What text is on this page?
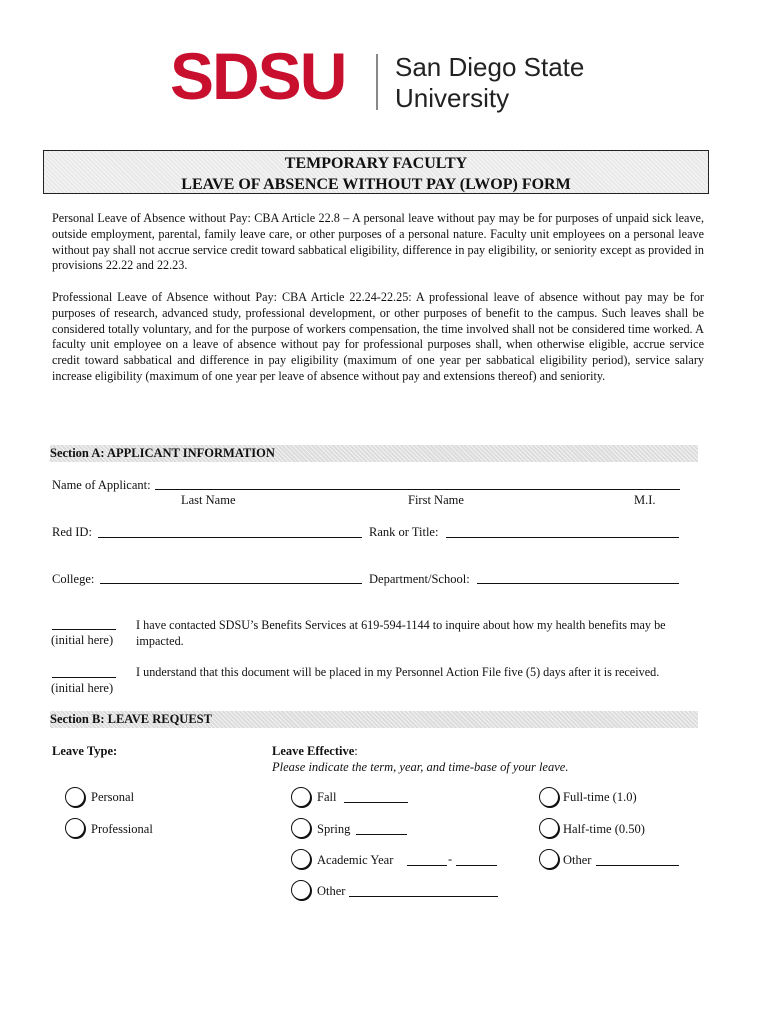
SDSU San Diego State
University
TEMPORARY FACULTY
LEAVE OF ABSENCE WITHOUT PAY (LWOP) FORM
Personal Leave of Absence without Pay: CBA Article 22.8 – A personal leave without pay may be for purposes of unpaid sick leave, outside employment, parental, family leave care, or other purposes of a personal nature. Faculty unit employees on a personal leave without pay shall not accrue service credit toward sabbatical eligibility, difference in pay eligibility, or seniority except as provided in provisions 22.22 and 22.23.
Professional Leave of Absence without Pay: CBA Article 22.24-22.25: A professional leave of absence without pay may be for purposes of research, advanced study, professional development, or other purposes of benefit to the campus. Such leaves shall be considered totally voluntary, and for the purpose of workers compensation, the time involved shall not be considered time worked. A faculty unit employee on a leave of absence without pay for professional purposes shall, when otherwise eligible, accrue service credit toward sabbatical and difference in pay eligibility (maximum of one year per sabbatical eligibility period), service salary increase eligibility (maximum of one year per leave of absence without pay and extensions thereof) and seniority.
Section A: APPLICANT INFORMATION
Name of Applicant:
Last Name	First Name	M.I.
Red ID:	Rank or Title:
College:	Department/School:
(initial here)
I have contacted SDSU’s Benefits Services at 619-594-1144 to inquire about how my health benefits may be impacted.
(initial here)
I understand that this document will be placed in my Personnel Action File five (5) days after it is received.
Section B: LEAVE REQUEST
Leave Type:	Leave Effective:
Please indicate the term, year, and time-base of your leave.
Personal
Professional
Fall
Spring
Academic Year	-
Other
Full-time (1.0)
Half-time (0.50)
Other
